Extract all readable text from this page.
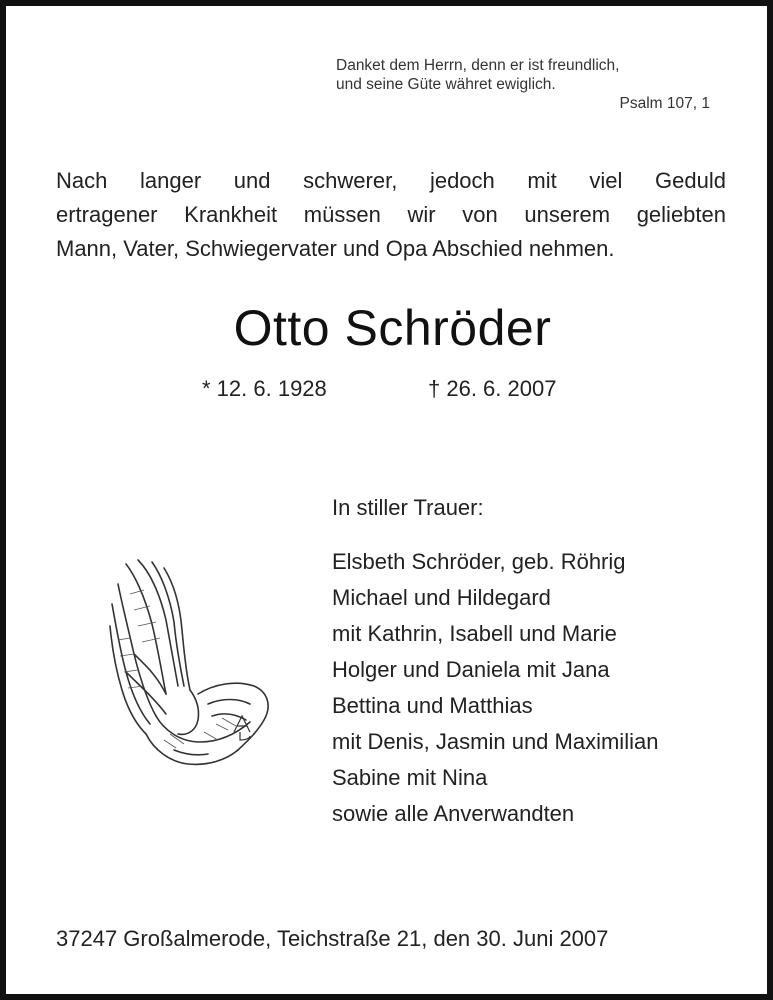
Danket dem Herrn, denn er ist freundlich,
und seine Güte währet ewiglich.
Psalm 107, 1
Nach langer und schwerer, jedoch mit viel Geduld
ertragener Krankheit müssen wir von unserem geliebten
Mann, Vater, Schwiegervater und Opa Abschied nehmen.
Otto Schröder
* 12. 6. 1928	† 26. 6. 2007
In stiller Trauer:
Elsbeth Schröder, geb. Röhrig
Michael und Hildegard
mit Kathrin, Isabell und Marie
Holger und Daniela mit Jana
Bettina und Matthias
mit Denis, Jasmin und Maximilian
Sabine mit Nina
sowie alle Anverwandten
37247 Großalmerode, Teichstraße 21, den 30. Juni 2007
